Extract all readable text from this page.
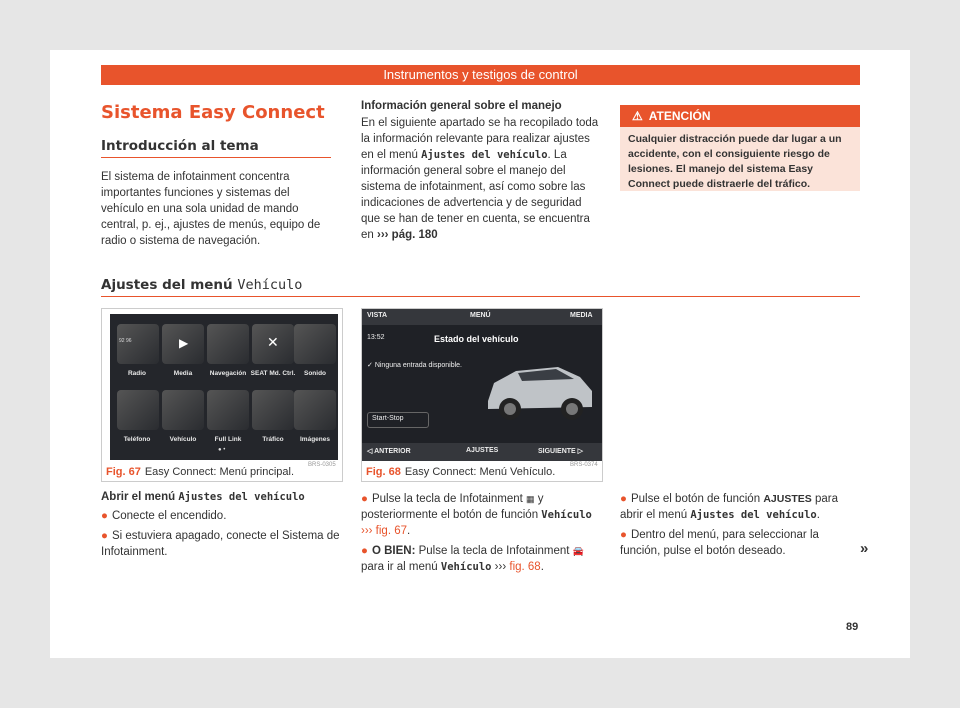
Instrumentos y testigos de control
Sistema Easy Connect
Introducción al tema

El sistema de infotainment concentra importantes funciones y sistemas del vehículo en una sola unidad de mando central, p. ej., ajustes de menús, equipo de radio o sistema de navegación.

Información general sobre el manejo

En el siguiente apartado se ha recopilado toda la información relevante para realizar ajustes en el menú Ajustes del vehículo. La información general sobre el manejo del sistema de infotainment, así como sobre las indicaciones de advertencia y de seguridad que se han de tener en cuenta, se encuentra en ››› pág. 180

⚠ ATENCIÓN
Cualquier distracción puede dar lugar a un accidente, con el consiguiente riesgo de lesiones. El manejo del sistema Easy Connect puede distraerle del tráfico.
Ajustes del menú Vehículo
92 96	▶	✕
Radio	Media	Navegación SEAT Md. Ctrl.	Sonido
Teléfono	Vehículo	Full Link	Tráfico	Imágenes
● •
BRS-0305
Fig. 67 Easy Connect: Menú principal.
VISTA	MENÚ	MEDIA
13:52	Estado del vehículo
✓ Ninguna entrada disponible.
Start-Stop
◁ ANTERIOR	AJUSTES	SIGUIENTE ▷
BRS-0374
Fig. 68 Easy Connect: Menú Vehículo.
Abrir el menú Ajustes del vehículo

● Conecte el encendido.

● Si estuviera apagado, conecte el Sistema de Infotainment.

● Pulse la tecla de Infotainment ▦ y posteriormente el botón de función Vehículo ››› fig. 67.

● O BIEN: Pulse la tecla de Infotainment 🚘 para ir al menú Vehículo ››› fig. 68.

● Pulse el botón de función AJUSTES para abrir el menú Ajustes del vehículo.

● Dentro del menú, para seleccionar la función, pulse el botón deseado.	»
89
